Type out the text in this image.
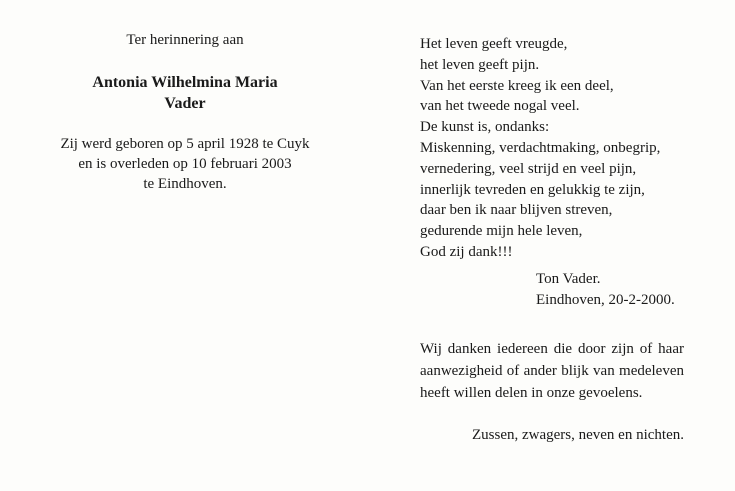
Ter herinnering aan
Antonia Wilhelmina Maria
Vader
Zij werd geboren op 5 april 1928 te Cuyk
en is overleden op 10 februari 2003
te Eindhoven.
Het leven geeft vreugde,
het leven geeft pijn.
Van het eerste kreeg ik een deel,
van het tweede nogal veel.
De kunst is, ondanks:
Miskenning, verdachtmaking, onbegrip,
vernedering, veel strijd en veel pijn,
innerlijk tevreden en gelukkig te zijn,
daar ben ik naar blijven streven,
gedurende mijn hele leven,
God zij dank!!!
Ton Vader.
Eindhoven, 20-2-2000.
Wij danken iedereen die door zijn of haar aanwezigheid of ander blijk van medeleven heeft willen delen in onze gevoelens.
Zussen, zwagers, neven en nichten.
